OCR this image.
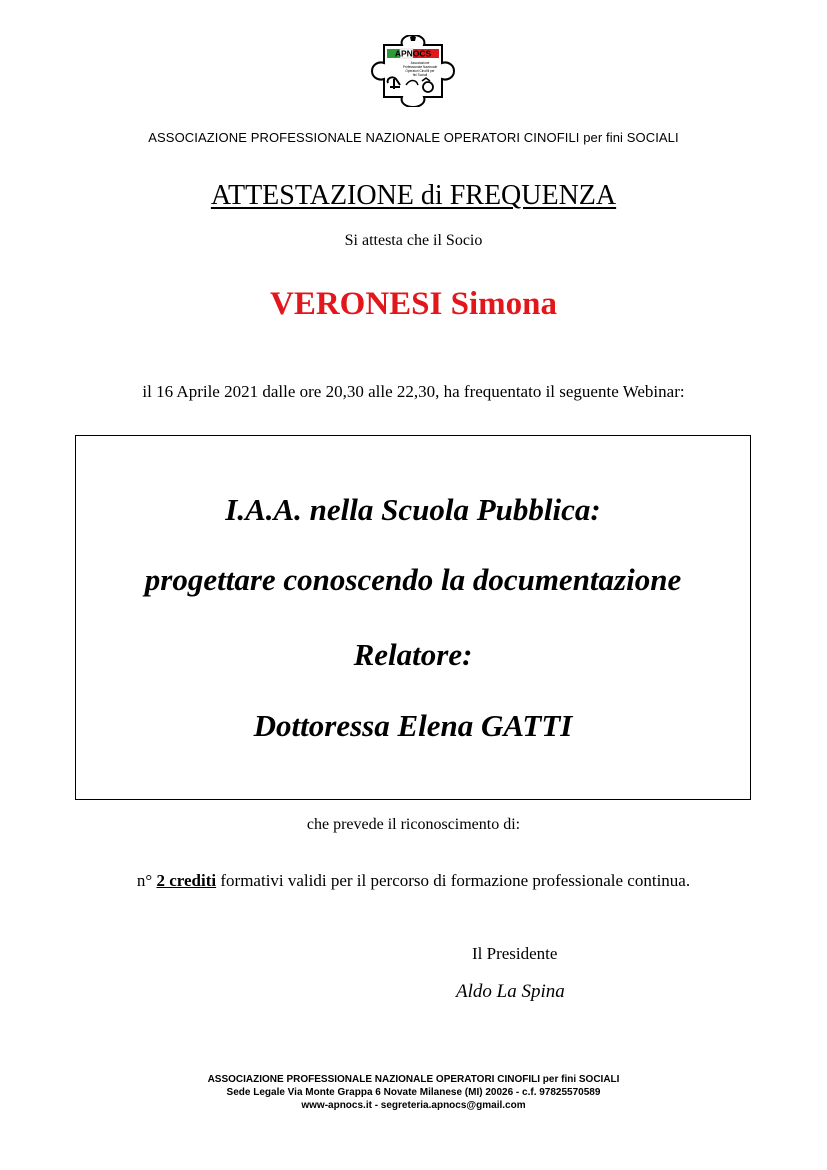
APNOCS
Associazione
Professionale Nazionale
Operatori Cinofili per
fini Sociali
ASSOCIAZIONE PROFESSIONALE NAZIONALE OPERATORI CINOFILI per fini SOCIALI
ATTESTAZIONE di FREQUENZA
Si attesta che il Socio
VERONESI Simona
il 16 Aprile 2021 dalle ore 20,30 alle 22,30, ha frequentato il seguente Webinar:
I.A.A. nella Scuola Pubblica:
progettare conoscendo la documentazione
Relatore:
Dottoressa Elena GATTI
che prevede il riconoscimento di:
n° 2 crediti formativi validi per il percorso di formazione professionale continua.
Il Presidente
Aldo La Spina
ASSOCIAZIONE PROFESSIONALE NAZIONALE OPERATORI CINOFILI per fini SOCIALI
Sede Legale Via Monte Grappa 6 Novate Milanese (MI) 20026 - c.f. 97825570589
www-apnocs.it - segreteria.apnocs@gmail.com
